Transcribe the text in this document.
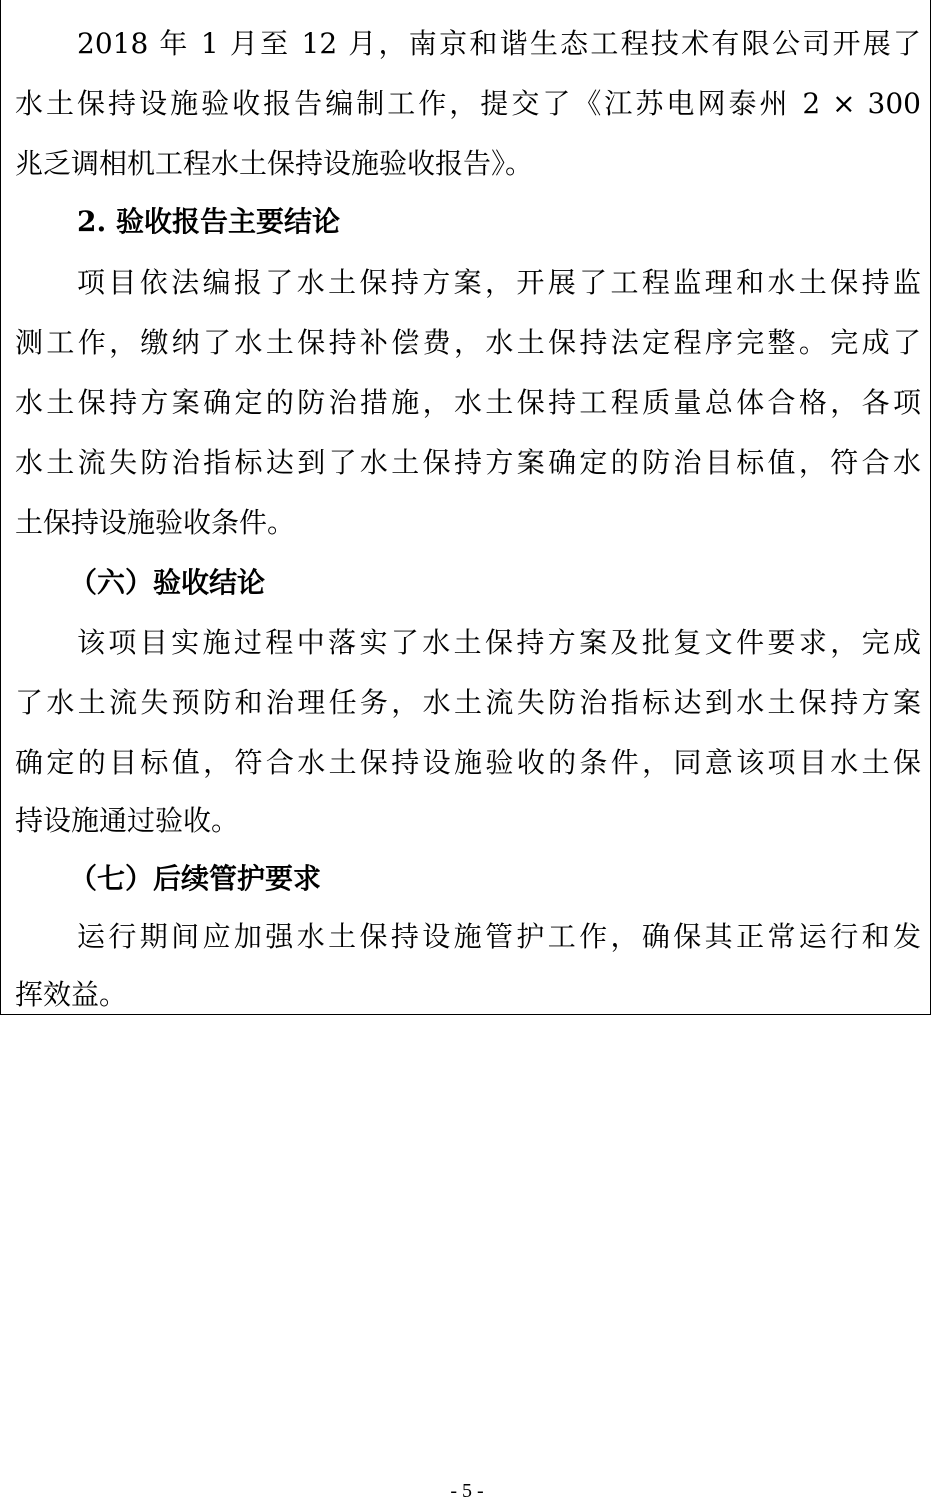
2018 年 1 月至 12 月，南京和谐生态工程技术有限公司开展了
水土保持设施验收报告编制工作，提交了《江苏电网泰州 2 × 300
兆乏调相机工程水土保持设施验收报告》。
2. 验收报告主要结论
项目依法编报了水土保持方案，开展了工程监理和水土保持监
测工作，缴纳了水土保持补偿费，水土保持法定程序完整。完成了
水土保持方案确定的防治措施，水土保持工程质量总体合格，各项
水土流失防治指标达到了水土保持方案确定的防治目标值，符合水
土保持设施验收条件。
（六）验收结论
该项目实施过程中落实了水土保持方案及批复文件要求，完成
了水土流失预防和治理任务，水土流失防治指标达到水土保持方案
确定的目标值，符合水土保持设施验收的条件，同意该项目水土保
持设施通过验收。
（七）后续管护要求
运行期间应加强水土保持设施管护工作，确保其正常运行和发
挥效益。
- 5 -
